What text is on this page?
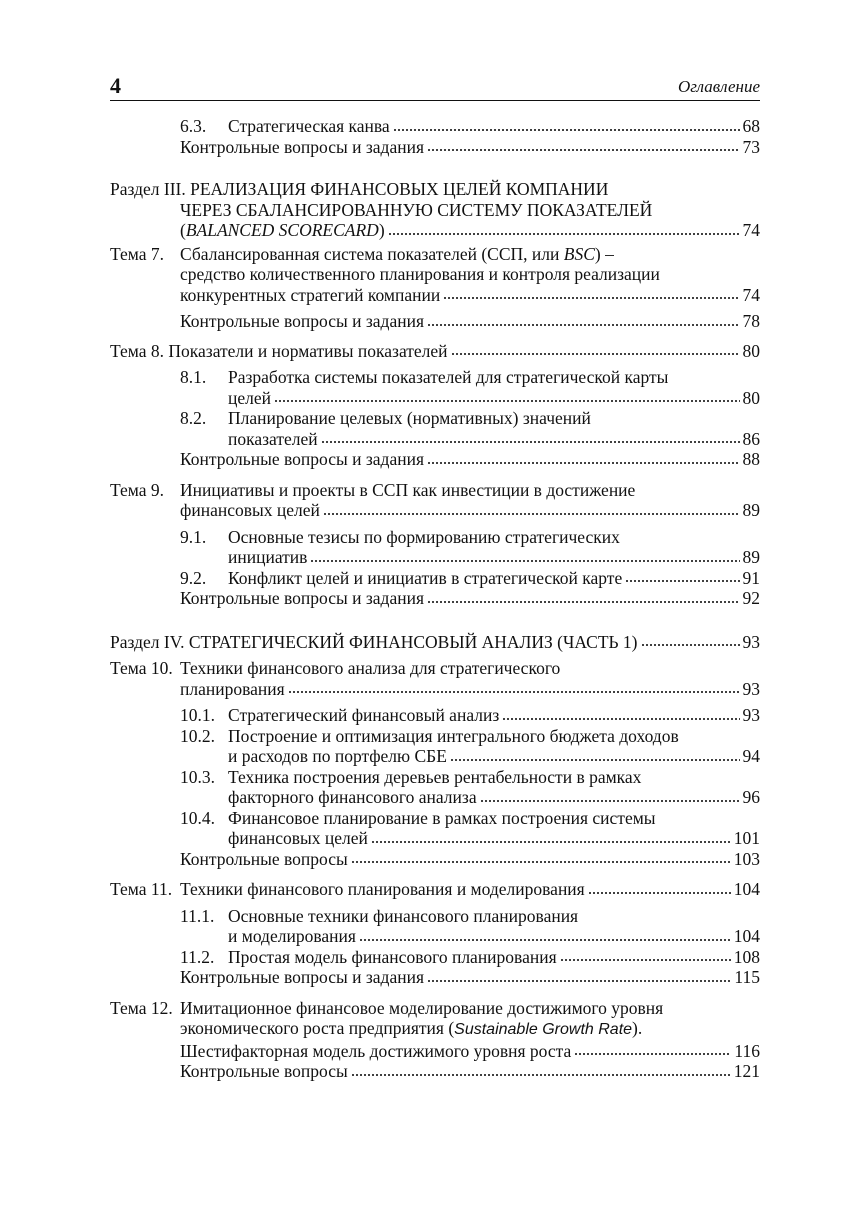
4	Оглавление
6.3. Стратегическая канва	68
Контрольные вопросы и задания	73
Раздел III. РЕАЛИЗАЦИЯ ФИНАНСОВЫХ ЦЕЛЕЙ КОМПАНИИ
ЧЕРЕЗ СБАЛАНСИРОВАННУЮ СИСТЕМУ ПОКАЗАТЕЛЕЙ
(BALANCED SCORECARD)	74
Тема 7. Сбалансированная система показателей (ССП, или BSC) –
средство количественного планирования и контроля реализации
конкурентных стратегий компании	74
Контрольные вопросы и задания	78
Тема 8. Показатели и нормативы показателей	80
8.1. Разработка системы показателей для стратегической карты
целей	80
8.2. Планирование целевых (нормативных) значений
показателей	86
Контрольные вопросы и задания	88
Тема 9. Инициативы и проекты в ССП как инвестиции в достижение
финансовых целей	89
9.1. Основные тезисы по формированию стратегических
инициатив	89
9.2. Конфликт целей и инициатив в стратегической карте	91
Контрольные вопросы и задания	92
Раздел IV. СТРАТЕГИЧЕСКИЙ ФИНАНСОВЫЙ АНАЛИЗ (ЧАСТЬ 1)	93
Тема 10. Техники финансового анализа для стратегического
планирования	93
10.1. Стратегический финансовый анализ	93
10.2. Построение и оптимизация интегрального бюджета доходов
и расходов по портфелю СБЕ	94
10.3. Техника построения деревьев рентабельности в рамках
факторного финансового анализа	96
10.4. Финансовое планирование в рамках построения системы
финансовых целей	101
Контрольные вопросы	103
Тема 11. Техники финансового планирования и моделирования	104
11.1. Основные техники финансового планирования
и моделирования	104
11.2. Простая модель финансового планирования	108
Контрольные вопросы и задания	115
Тема 12. Имитационное финансовое моделирование достижимого уровня
экономического роста предприятия (Sustainable Growth Rate).
Шестифакторная модель достижимого уровня роста	116
Контрольные вопросы	121
